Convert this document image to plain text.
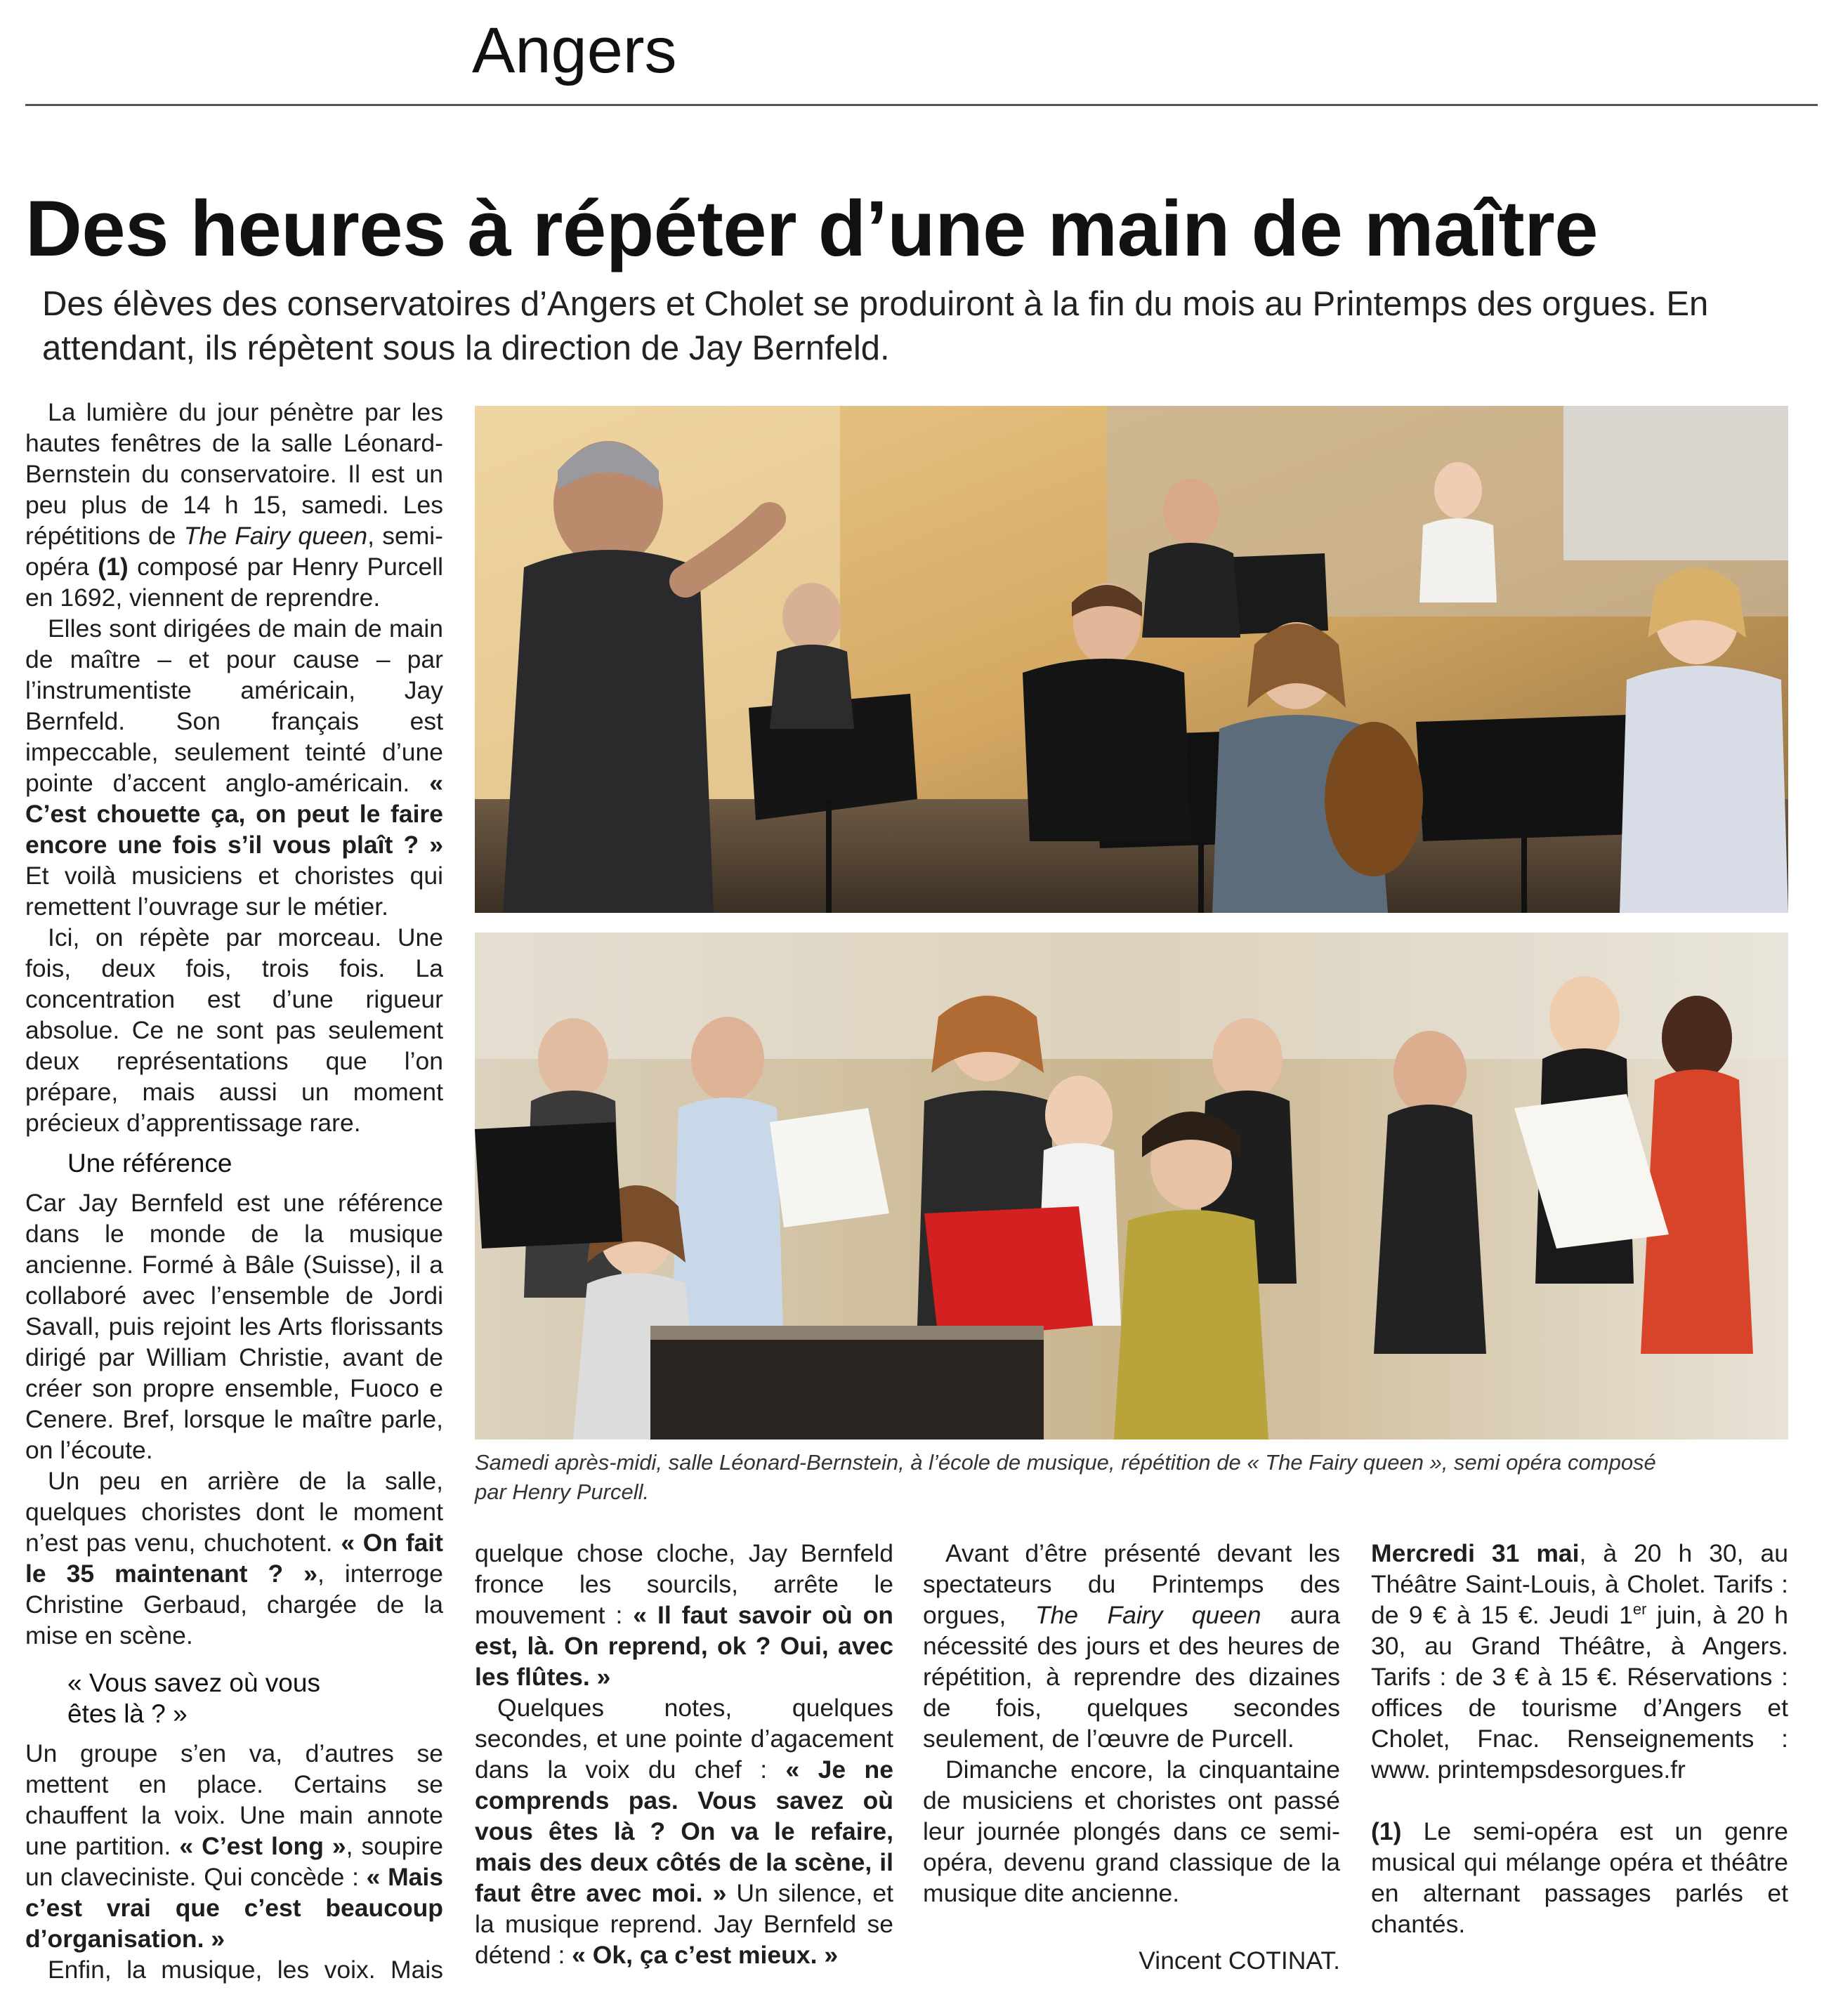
Angers
Des heures à répéter d’une main de maître
Des élèves des conservatoires d’Angers et Cholet se produiront à la fin du mois au Printemps des orgues. En attendant, ils répètent sous la direction de Jay Bernfeld.

La lumière du jour pénètre par les hautes fenêtres de la salle Léonard-Bernstein du conservatoire. Il est un peu plus de 14 h 15, samedi. Les répétitions de The Fairy queen, semi-opéra (1) composé par Henry Purcell en 1692, viennent de reprendre.

Elles sont dirigées de main de main de maître – et pour cause – par l’instrumentiste américain, Jay Bernfeld. Son français est impeccable, seulement teinté d’une pointe d’accent anglo-américain. « C’est chouette ça, on peut le faire encore une fois s’il vous plaît ? » Et voilà musiciens et choristes qui remettent l’ouvrage sur le métier.

Ici, on répète par morceau. Une fois, deux fois, trois fois. La concentration est d’une rigueur absolue. Ce ne sont pas seulement deux représentations que l’on prépare, mais aussi un moment précieux d’apprentissage rare.

Une référence

Car Jay Bernfeld est une référence dans le monde de la musique ancienne. Formé à Bâle (Suisse), il a collaboré avec l’ensemble de Jordi Savall, puis rejoint les Arts florissants dirigé par William Christie, avant de créer son propre ensemble, Fuoco e Cenere. Bref, lorsque le maître parle, on l’écoute.

Un peu en arrière de la salle, quelques choristes dont le moment n’est pas venu, chuchotent. « On fait le 35 maintenant ? », interroge Christine Gerbaud, chargée de la mise en scène.

« Vous savez où vous
êtes là ? »

Un groupe s’en va, d’autres se mettent en place. Certains se chauffent la voix. Une main annote une partition. « C’est long », soupire un claveciniste. Qui concède : « Mais c’est vrai que c’est beaucoup d’organisation. »

Enfin, la musique, les voix. Mais

Samedi après-midi, salle Léonard-Bernstein, à l’école de musique, répétition de « The Fairy queen », semi opéra composé
par Henry Purcell.

quelque chose cloche, Jay Bernfeld fronce les sourcils, arrête le mouvement : « Il faut savoir où on est, là. On reprend, ok ? Oui, avec les flûtes. »

Quelques notes, quelques secondes, et une pointe d’agacement dans la voix du chef : « Je ne comprends pas. Vous savez où vous êtes là ? On va le refaire, mais des deux côtés de la scène, il faut être avec moi. » Un silence, et la musique reprend. Jay Bernfeld se détend : « Ok, ça c’est mieux. »

Avant d’être présenté devant les spectateurs du Printemps des orgues, The Fairy queen aura nécessité des jours et des heures de répétition, à reprendre des dizaines de fois, quelques secondes seulement, de l’œuvre de Purcell.

Dimanche encore, la cinquantaine de musiciens et choristes ont passé leur journée plongés dans ce semi-opéra, devenu grand classique de la musique dite ancienne.

Vincent COTINAT.

Mercredi 31 mai, à 20 h 30, au Théâtre Saint-Louis, à Cholet. Tarifs : de 9 € à 15 €. Jeudi 1er juin, à 20 h 30, au Grand Théâtre, à Angers. Tarifs : de 3 € à 15 €. Réservations : offices de tourisme d’Angers et Cholet, Fnac. Renseignements : www. printempsdesorgues.fr

(1) Le semi-opéra est un genre musical qui mélange opéra et théâtre en alternant passages parlés et chantés.
